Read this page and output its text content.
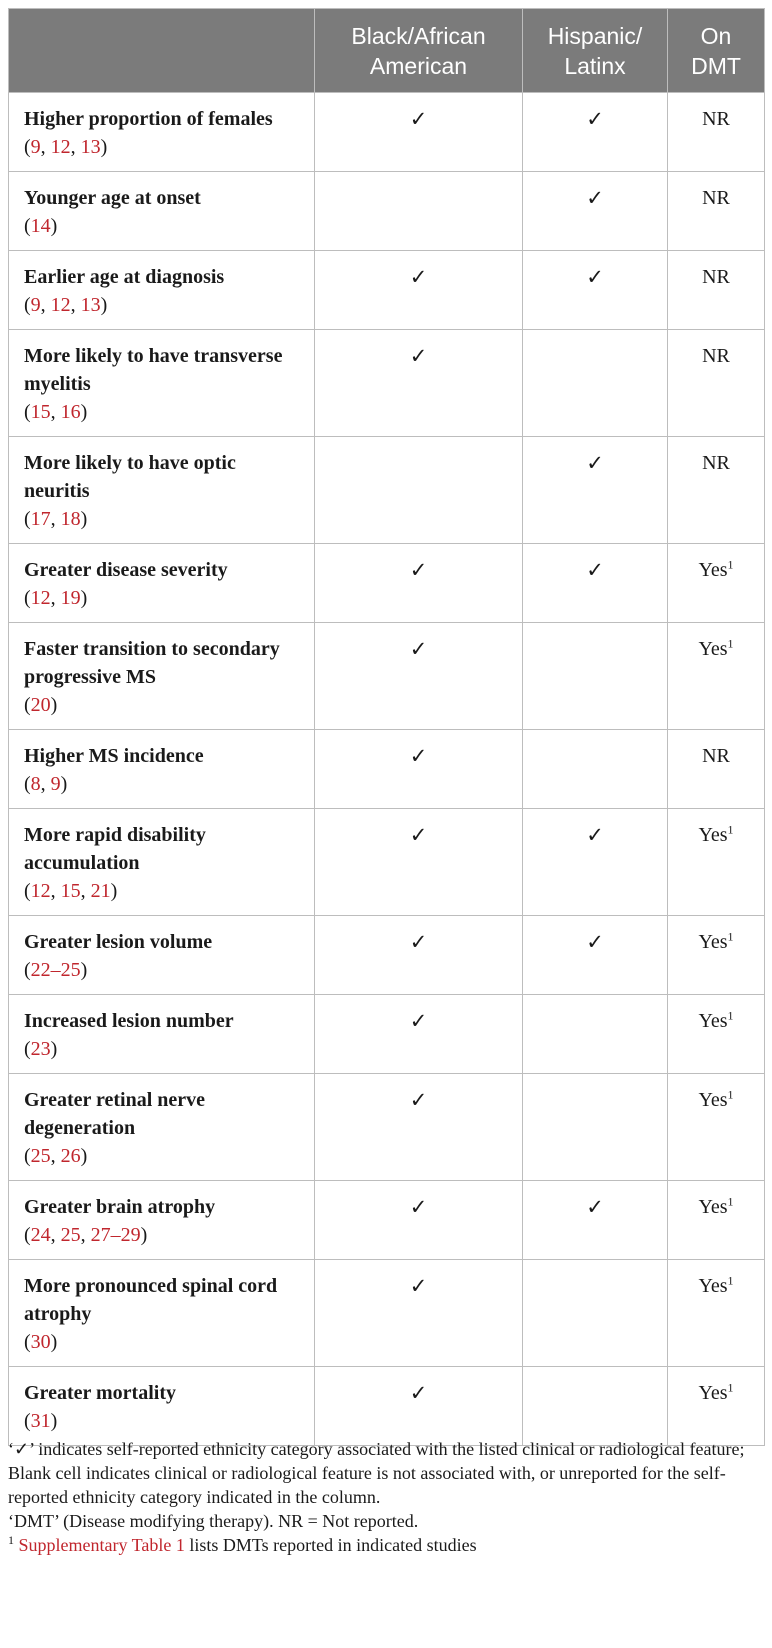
	Black/African American	Hispanic/ Latinx	On DMT

Higher proportion of females
(9, 12, 13)	✓	✓	NR

Younger age at onset
(14)		✓	NR

Earlier age at diagnosis
(9, 12, 13)	✓	✓	NR

More likely to have transverse myelitis
(15, 16)	✓		NR

More likely to have optic neuritis
(17, 18)		✓	NR

Greater disease severity
(12, 19)	✓	✓	Yes$^1$

Faster transition to secondary progressive MS
(20)	✓		Yes$^1$

Higher MS incidence
(8, 9)	✓		NR

More rapid disability accumulation
(12, 15, 21)	✓	✓	Yes$^1$

Greater lesion volume
(22–25)	✓	✓	Yes$^1$

Increased lesion number
(23)	✓		Yes$^1$

Greater retinal nerve degeneration
(25, 26)	✓		Yes$^1$

Greater brain atrophy
(24, 25, 27–29)	✓	✓	Yes$^1$

More pronounced spinal cord atrophy
(30)	✓		Yes$^1$

Greater mortality
(31)	✓		Yes$^1$

‘✓’ indicates self-reported ethnicity category associated with the listed clinical or radiological feature; Blank cell indicates clinical or radiological feature is not associated with, or unreported for the self-reported ethnicity category indicated in the column.

‘DMT’ (Disease modifying therapy). NR = Not reported.

$^1$ Supplementary Table 1 lists DMTs reported in indicated studies
